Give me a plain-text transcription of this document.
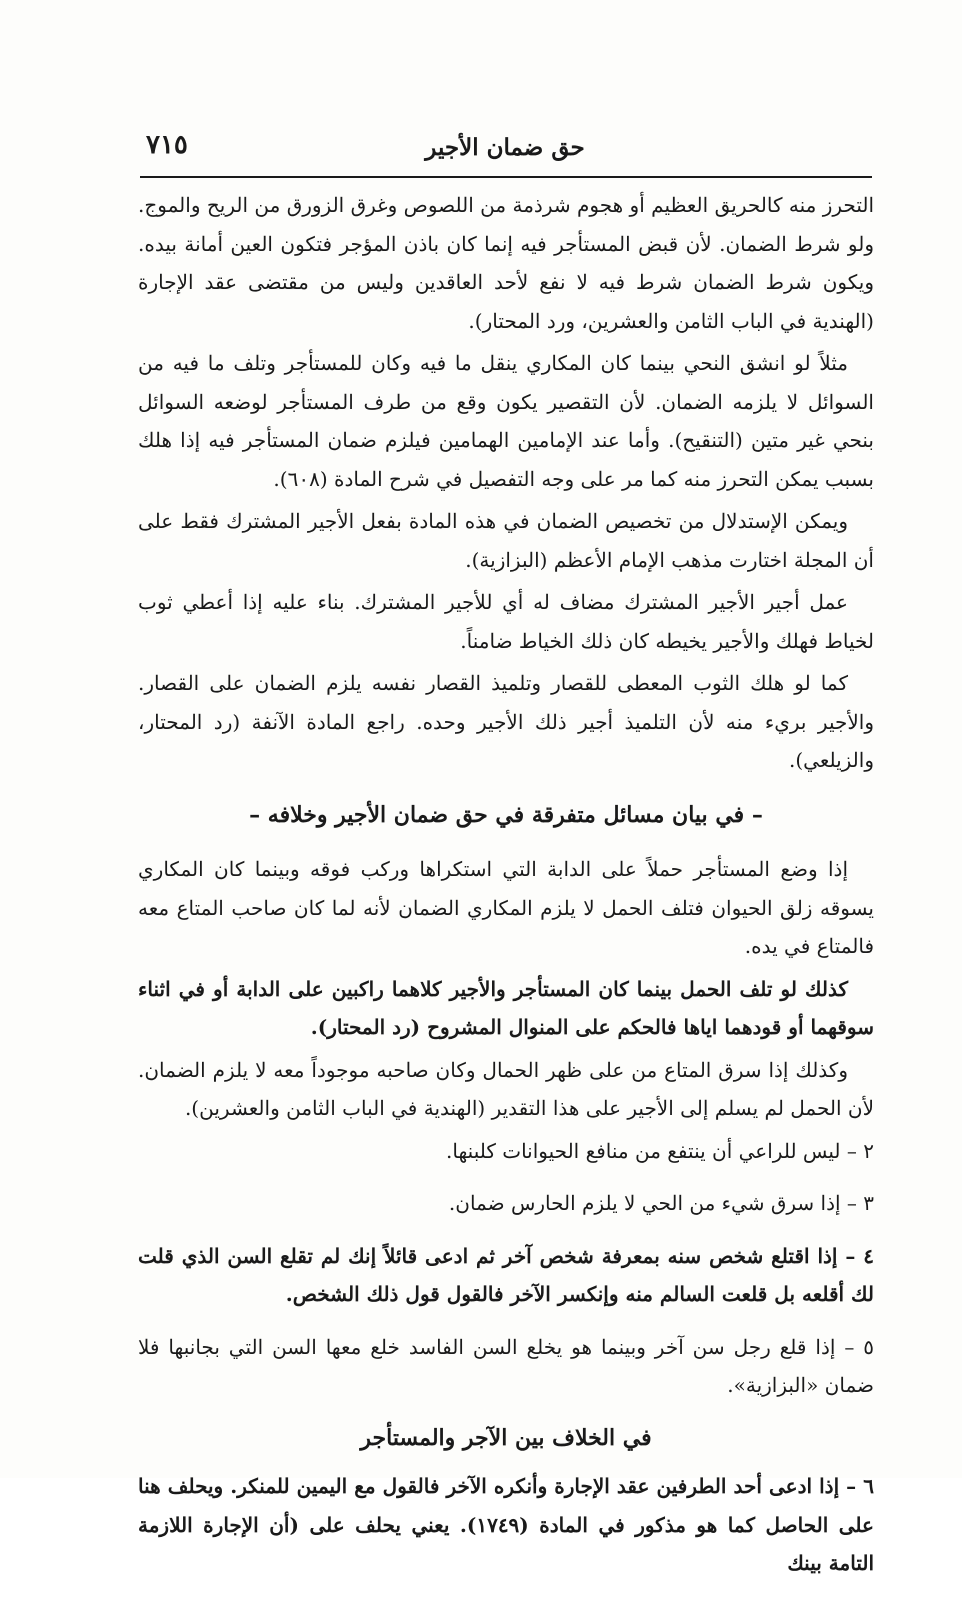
حق ضمان الأجير
٧١٥

التحرز منه كالحريق العظيم أو هجوم شرذمة من اللصوص وغرق الزورق من الريح والموج. ولو شرط الضمان. لأن قبض المستأجر فيه إنما كان باذن المؤجر فتكون العين أمانة بيده. ويكون شرط الضمان شرط فيه لا نفع لأحد العاقدين وليس من مقتضى عقد الإجارة (الهندية في الباب الثامن والعشرين، ورد المحتار).

مثلاً لو انشق النحي بينما كان المكاري ينقل ما فيه وكان للمستأجر وتلف ما فيه من السوائل لا يلزمه الضمان. لأن التقصير يكون وقع من طرف المستأجر لوضعه السوائل بنحي غير متين (التنقيح). وأما عند الإمامين الهمامين فيلزم ضمان المستأجر فيه إذا هلك بسبب يمكن التحرز منه كما مر على وجه التفصيل في شرح المادة (٦٠٨).

ويمكن الإستدلال من تخصيص الضمان في هذه المادة بفعل الأجير المشترك فقط على أن المجلة اختارت مذهب الإمام الأعظم (البزازية).

عمل أجير الأجير المشترك مضاف له أي للأجير المشترك. بناء عليه إذا أعطي ثوب لخياط فهلك والأجير يخيطه كان ذلك الخياط ضامناً.

كما لو هلك الثوب المعطى للقصار وتلميذ القصار نفسه يلزم الضمان على القصار. والأجير بريء منه لأن التلميذ أجير ذلك الأجير وحده. راجع المادة الآنفة (رد المحتار، والزيلعي).

– في بيان مسائل متفرقة في حق ضمان الأجير وخلافه –

إذا وضع المستأجر حملاً على الدابة التي استكراها وركب فوقه وبينما كان المكاري يسوقه زلق الحيوان فتلف الحمل لا يلزم المكاري الضمان لأنه لما كان صاحب المتاع معه فالمتاع في يده.

كذلك لو تلف الحمل بينما كان المستأجر والأجير كلاهما راكبين على الدابة أو في اثناء سوقهما أو قودهما اياها فالحكم على المنوال المشروح (رد المحتار).

وكذلك إذا سرق المتاع من على ظهر الحمال وكان صاحبه موجوداً معه لا يلزم الضمان. لأن الحمل لم يسلم إلى الأجير على هذا التقدير (الهندية في الباب الثامن والعشرين).

٢ – ليس للراعي أن ينتفع من منافع الحيوانات كلبنها.

٣ – إذا سرق شيء من الحي لا يلزم الحارس ضمان.

٤ – إذا اقتلع شخص سنه بمعرفة شخص آخر ثم ادعى قائلاً إنك لم تقلع السن الذي قلت لك أقلعه بل قلعت السالم منه وإنكسر الآخر فالقول قول ذلك الشخص.

٥ – إذا قلع رجل سن آخر وبينما هو يخلع السن الفاسد خلع معها السن التي بجانبها فلا ضمان «البزازية».

في الخلاف بين الآجر والمستأجر

٦ – إذا ادعى أحد الطرفين عقد الإجارة وأنكره الآخر فالقول مع اليمين للمنكر. ويحلف هنا على الحاصل كما هو مذكور في المادة (١٧٤٩). يعني يحلف على (أن الإجارة اللازمة التامة بينك
